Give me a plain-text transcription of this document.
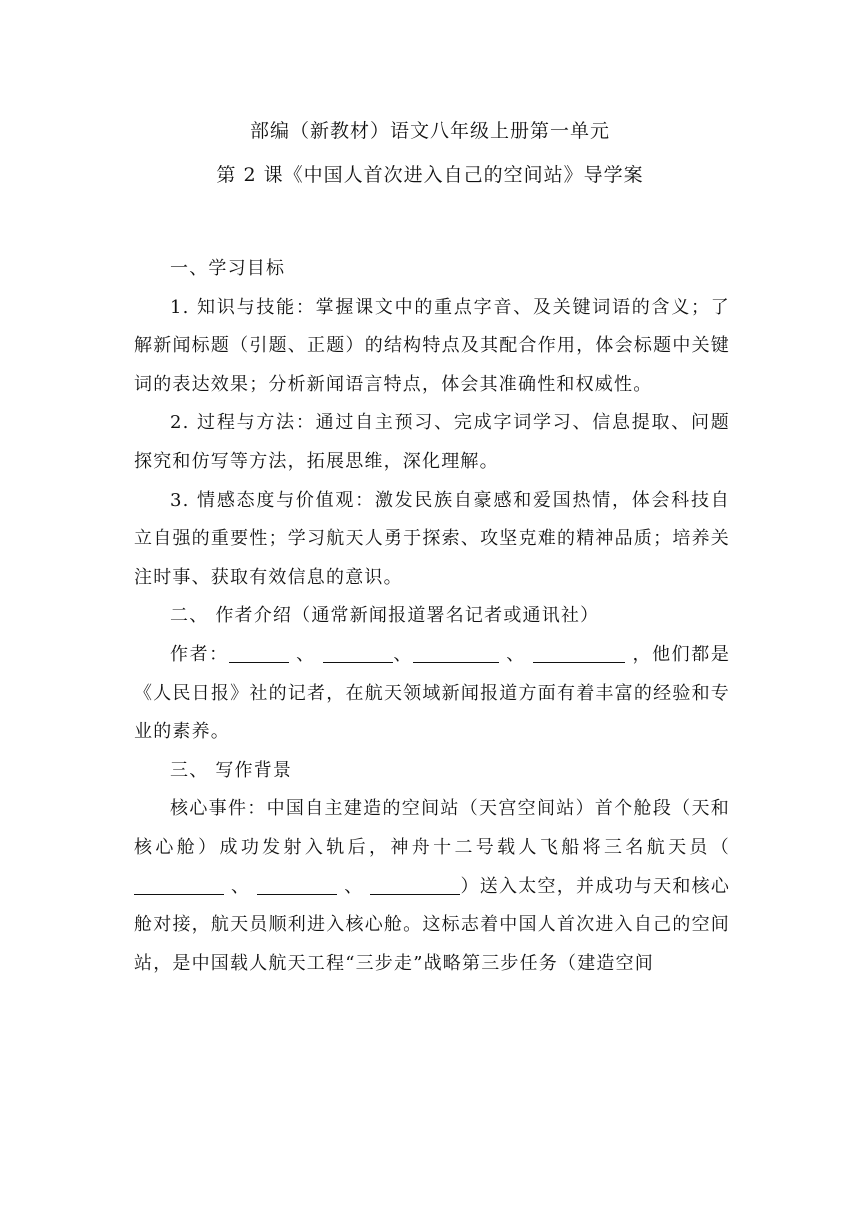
部编（新教材）语文八年级上册第一单元
第 2 课《中国人首次进入自己的空间站》导学案

一、学习目标

1. 知识与技能：掌握课文中的重点字音、及关键词语的含义；了解新闻标题（引题、正题）的结构特点及其配合作用，体会标题中关键词的表达效果；分析新闻语言特点，体会其准确性和权威性。

2. 过程与方法：通过自主预习、完成字词学习、信息提取、问题探究和仿写等方法，拓展思维，深化理解。

3. 情感态度与价值观：激发民族自豪感和爱国热情，体会科技自立自强的重要性；学习航天人勇于探索、攻坚克难的精神品质；培养关注时事、获取有效信息的意识。

二、 作者介绍（通常新闻报道署名记者或通讯社）

作者：	、	、	、	，他们都是《人民日报》社的记者，在航天领域新闻报道方面有着丰富的经验和专业的素养。

三、 写作背景

核心事件：中国自主建造的空间站（天宫空间站）首个舱段（天和核心舱）成功发射入轨后，神舟十二号载人飞船将三名航天员（ 、	、	）送入太空，并成功与天和核心舱对接，航天员顺利进入核心舱。这标志着中国人首次进入自己的空间站，是中国载人航天工程“三步走”战略第三步任务（建造空间
